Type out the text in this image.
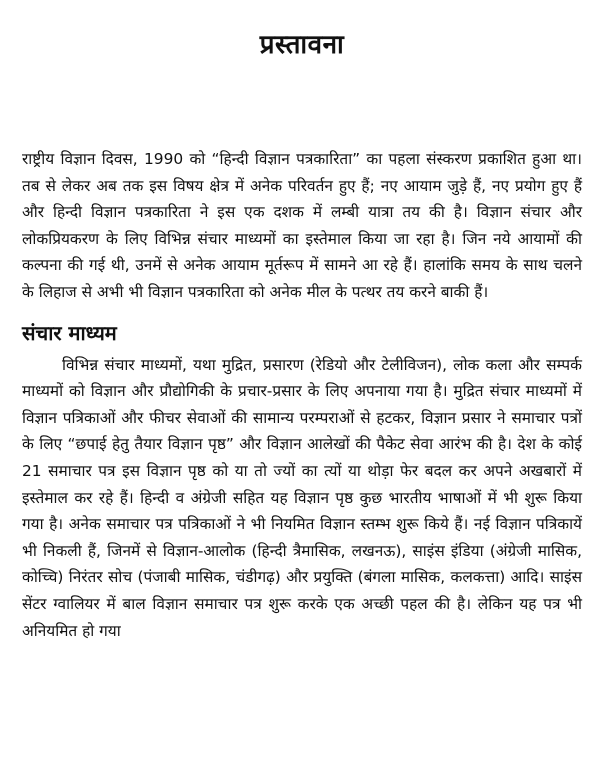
प्रस्तावना

राष्ट्रीय विज्ञान दिवस, 1990 को “हिन्दी विज्ञान पत्रकारिता” का पहला संस्करण प्रकाशित हुआ था। तब से लेकर अब तक इस विषय क्षेत्र में अनेक परिवर्तन हुए हैं; नए आयाम जुड़े हैं, नए प्रयोग हुए हैं और हिन्दी विज्ञान पत्रकारिता ने इस एक दशक में लम्बी यात्रा तय की है। विज्ञान संचार और लोकप्रियकरण के लिए विभिन्न संचार माध्यमों का इस्तेमाल किया जा रहा है। जिन नये आयामों की कल्पना की गई थी, उनमें से अनेक आयाम मूर्तरूप में सामने आ रहे हैं। हालांकि समय के साथ चलने के लिहाज से अभी भी विज्ञान पत्रकारिता को अनेक मील के पत्थर तय करने बाकी हैं।

संचार माध्यम

विभिन्न संचार माध्यमों, यथा मुद्रित, प्रसारण (रेडियो और टेलीविजन), लोक कला और सम्पर्क माध्यमों को विज्ञान और प्रौद्योगिकी के प्रचार-प्रसार के लिए अपनाया गया है। मुद्रित संचार माध्यमों में विज्ञान पत्रिकाओं और फीचर सेवाओं की सामान्य परम्पराओं से हटकर, विज्ञान प्रसार ने समाचार पत्रों के लिए “छपाई हेतु तैयार विज्ञान पृष्ठ” और विज्ञान आलेखों की पैकेट सेवा आरंभ की है। देश के कोई 21 समाचार पत्र इस विज्ञान पृष्ठ को या तो ज्यों का त्यों या थोड़ा फेर बदल कर अपने अखबारों में इस्तेमाल कर रहे हैं। हिन्दी व अंग्रेजी सहित यह विज्ञान पृष्ठ कुछ भारतीय भाषाओं में भी शुरू किया गया है। अनेक समाचार पत्र पत्रिकाओं ने भी नियमित विज्ञान स्तम्भ शुरू किये हैं। नई विज्ञान पत्रिकायें भी निकली हैं, जिनमें से विज्ञान-आलोक (हिन्दी त्रैमासिक, लखनऊ), साइंस इंडिया (अंग्रेजी मासिक, कोच्चि) निरंतर सोच (पंजाबी मासिक, चंडीगढ़) और प्रयुक्ति (बंगला मासिक, कलकत्ता) आदि। साइंस सेंटर ग्वालियर में बाल विज्ञान समाचार पत्र शुरू करके एक अच्छी पहल की है। लेकिन यह पत्र भी अनियमित हो गया
